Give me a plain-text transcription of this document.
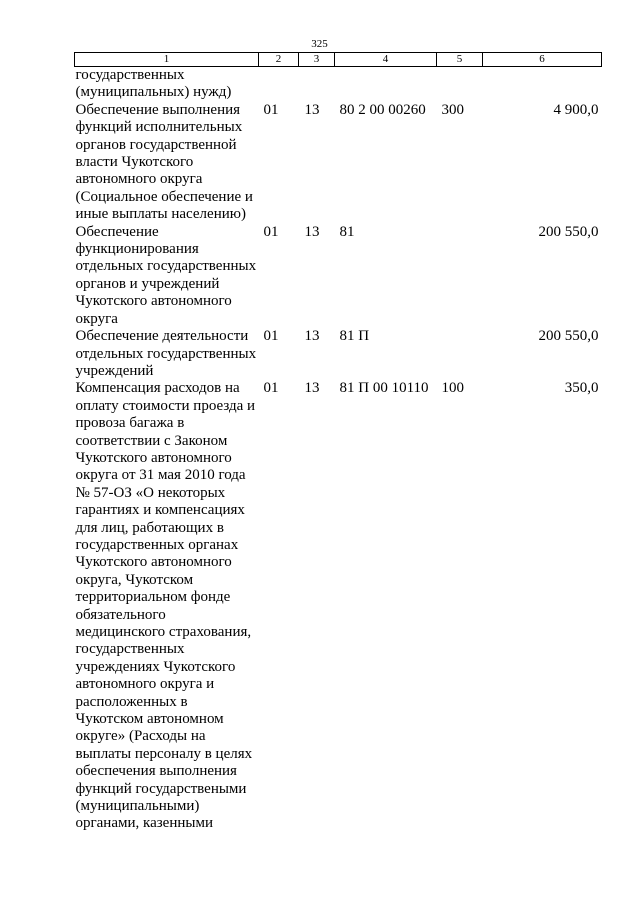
325
1	2	3	4	5	6
государственных (муниципальных) нужд)					
Обеспечение выполнения функций исполнительных органов государственной власти Чукотского автономного округа (Социальное обеспечение и иные выплаты населению)	01	13	80 2 00 00260	300	4 900,0
Обеспечение функционирования отдельных государственных органов и учреждений Чукотского автономного округа	01	13	81		200 550,0
Обеспечение деятельности отдельных государственных учреждений	01	13	81 П		200 550,0
Компенсация расходов на оплату стоимости проезда и провоза багажа в соответствии с Законом Чукотского автономного округа от 31 мая 2010 года № 57-ОЗ «О некоторых гарантиях и компенсациях для лиц, работающих в государственных органах Чукотского автономного округа, Чукотском территориальном фонде обязательного медицинского страхования, государственных учреждениях Чукотского автономного округа и расположенных в Чукотском автономном округе» (Расходы на выплаты персоналу в целях обеспечения выполнения функций государствеными (муниципальными) органами, казенными	01	13	81 П 00 10110	100	350,0
